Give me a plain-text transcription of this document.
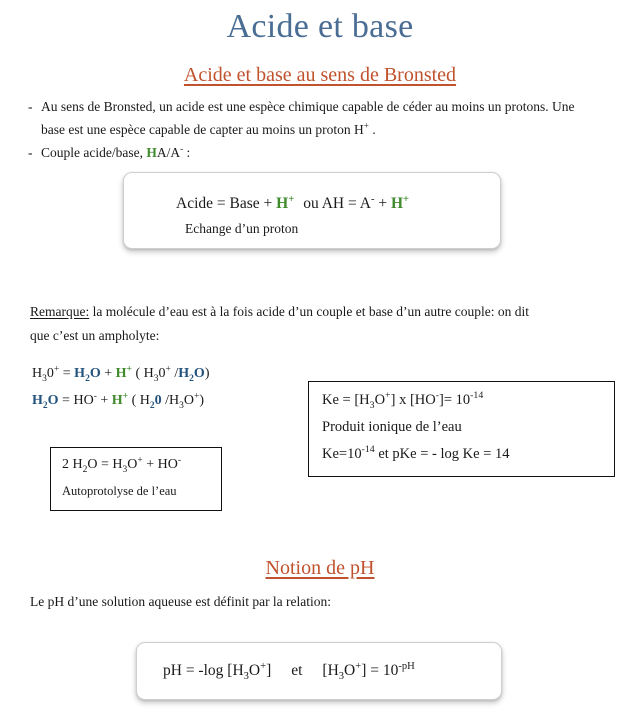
Acide et base
Acide et base au sens de Bronsted
- Au sens de Bronsted, un acide est une espèce chimique capable de céder au moins un protons. Une base est une espèce capable de capter au moins un proton H+ .
- Couple acide/base, HA/A- :
Acide = Base + H+ ou AH = A- + H+
Echange d’un proton
Remarque: la molécule d’eau est à la fois acide d’un couple et base d’un autre couple: on dit
que c’est un ampholyte:
$H_30^+ = H_2O + H^+$ ( $H_30^+$ $/H_2O$)
$H_2O = HO^- + H^+$ ( $H_20$ $/H_3O^+$)	$Ke = [H_3O^+]$ x $[HO^-]= 10^{-14}$
Produit ionique de l’eau
$Ke=10^{-14}$ et pKe = - log Ke = 14
2 $H_2O = H_3O^+ + HO^-$
Autoprotolyse de l’eau
Notion de pH
Le pH d’une solution aqueuse est définit par la relation:
pH = -log $[H_3O^+]$ et $[H_3O^+] = 10^{-pH}$
